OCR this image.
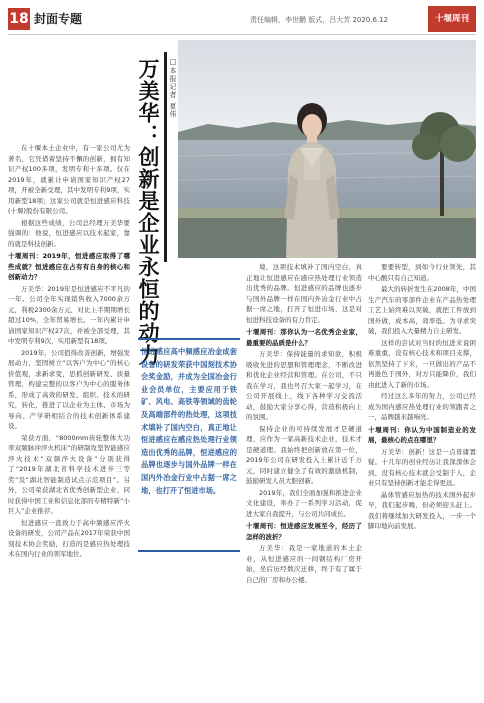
18 封面专题	责任编辑，李世鹏 版式，吕大芳 2020.6.12	十堰周刊
万美华：创新是企业永恒的动力 □本报记者 夏伟

在十堰本土企业中，有一家公司尤为著名，它凭借着坚持不懈的创新，拥有知识产权100多项，发明专利十多项。仅在2019年，就累计申请国家知识产权27项，开被全新受理，其中发明专利9项，实用新型18项；这家公司就是恒进感应科技(十堰)股份有限公司。

根据这些成绩，公司总经理万美华要强调的：他说，恒进感应以技术起家，靠的就是科技创新。

十堰周刊：2019年，恒进感应取得了哪些成就？恒进感应在占有有自身的核心和创新动力？

万美华：2019年是恒进感应不平凡的一年。公司全年实现销售收入7000余万元，利税2300余万元，对比上半期期增长超过10%，全年贸易增长。一年内累计申请国家知识产权27次，并被全部受理，其中发明专利9次，实用新型有18项。

2019年，公司值得改善创新，增强发展动力，坚固树立“以客户为中心”的核心价值观，求新求变，思抓创新研发、质量管理，构建完整的以客户为中心的服务体系，形成了高效的研发、组织、技术的研究，转化，推进了以企业为主体、市场为导向、产学研相结合的技术创新体系建设。

荣获方面，“8000mm齿轮整体大功率双频脉冲淬火机床”的研制攻坚智能感应淬火技术“双频淬火设备”分别获得了“2019年湖北省科学技术进步三等奖”及“湖北智能制造试点示范项目”。另外，公司荣获湖北省优秀创新型企业、同时获得中国工业和信息化部的专精特新“小巨人”企业推荐。

恒进感应一直致力于高中频感应淬火设备的研发，公司产品在2017年荣获中国刻技术协会奖励，打造的是感应热处理技术在国内行业的领军地位。

恒进感应高中频感应冶金成套设备的研发荣获中国刻技术协会奖金励，并成为全国冶金行业会员单位，主要应用于铁矿、风电、高铁等领域的齿轮及高端部件的热处理，这项技术填补了国内空白，真正地让恒进感应在感应热处理行业领造出优秀的品牌，恒进感应的品牌也逐步与国外品牌一样在国内外冶金行业中占据一席之地，也打开了恒进市场。

境，这项技术填补了国内空白，真正地让恒进感应在感应热处理行业领造出优秀的品牌。恒进感应的品牌也逐步与国外品牌一样在国内外冶金行业中占据一席之地，打开了恒进市场，这是对恒进科技设备的有力肯定。

十堰周刊：那你认为一名优秀企业家，最重要的品质是什么？

万美华：保持能量的求知欲，积极吸收先进的思想和管理理念，不断改进和优化企业经营和管理。在公司，不只我在学习，我也号召大家一起学习，在公司开展线上，线下各种学习交流活动，鼓励大家分享心得，营造积极向上的氛围。

保持企业的可持续发展才是硬道理，应作为一家高新技术企业，技术才是硬道理。我始终把创新放在第一位，2019年公司在研发投入上累计近千万元，同时建立健全了有效的激励机制，鼓励研发人员大胆创新。

2019年，我们全面加强和推进企业文化建设，举办了一系列学习活动，促进大家自我提升，与公司共同成长。

十堰周刊：恒进感应发展至今，经历了怎样的波折？

万美华：我是一家地道的本土企业，从恒进感应的一间钢结构厂房开始，坐后历经数次迁移，终于有了属于自己的厂房和办公楼。

要要转型，到如今行业领先，其中心酸只有自己知道。

最大的转折发生在2008年，中国生产汽车的零部件企业在产品热处理工艺上始终难以突破，就把工件放到国外做，成本高，效率低。为寻求突破，我们投入大量精力自主研发。

这样的尝试对当时的恒进来说困难重重，没有核心技术和项目支撑，依然坚持了下来，一旦做出的产品不再逊色于国外，对方只能降价，我们由此进入了新的市场。

经过这么多年的努力，公司已经成为国内感应热处理行业的领跑者之一，品牌越来越响亮。

十堰周刊：你认为中国制造业的发展，最核心的点在哪里？

万美华：创新！这是一点毋庸置疑。十几年的创业经历让我深深体会到，没有核心技术就会受制于人，企业只有坚持创新才能走得更远。

晶体管感应加热的技术国外起步早，我们起步晚，但必须迎头赶上。我们将继续加大研发投入，一步一个脚印地向前发展。
